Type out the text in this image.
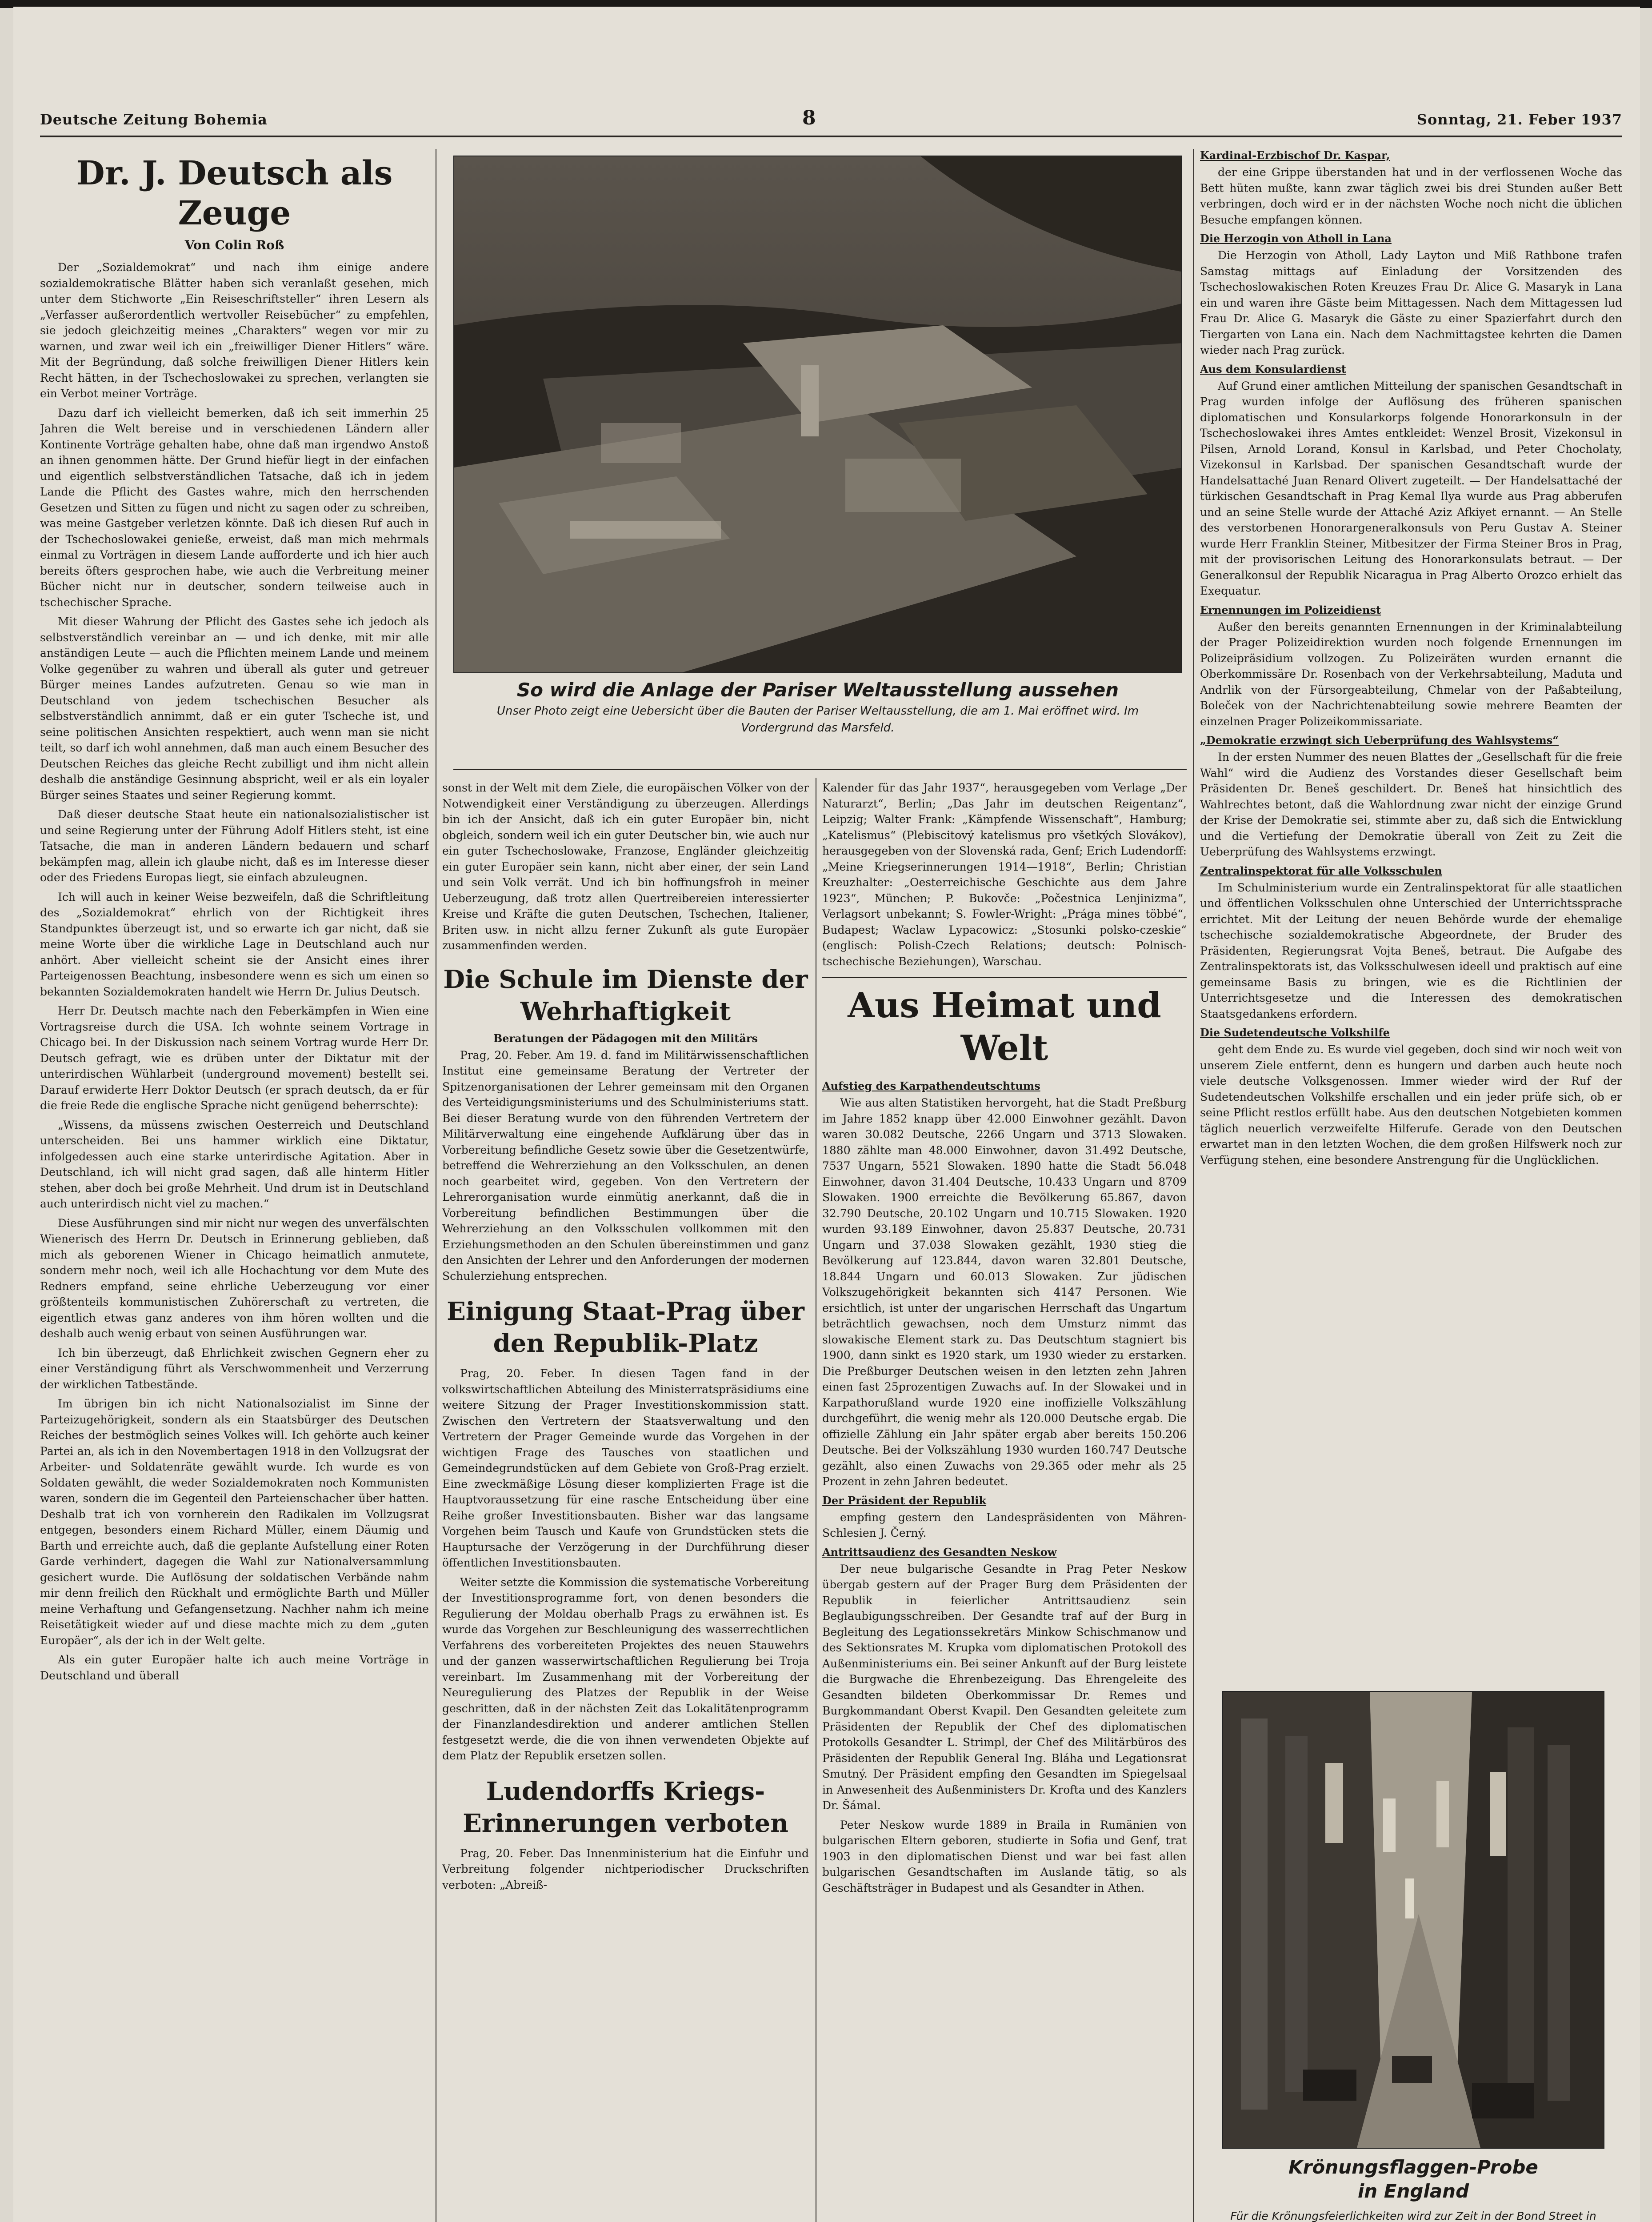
Deutsche Zeitung Bohemia	8	Sonntag, 21. Feber 1937
Dr. J. Deutsch als Zeuge
Von Colin Roß

Der „Sozialdemokrat“ und nach ihm einige andere sozialdemokratische Blätter haben sich veranlaßt gesehen, mich unter dem Stichworte „Ein Reiseschriftsteller“ ihren Lesern als „Verfasser außerordentlich wertvoller Reisebücher“ zu empfehlen, sie jedoch gleichzeitig meines „Charakters“ wegen vor mir zu warnen, und zwar weil ich ein „freiwilliger Diener Hitlers“ wäre. Mit der Begründung, daß solche freiwilligen Diener Hitlers kein Recht hätten, in der Tschechoslowakei zu sprechen, verlangten sie ein Verbot meiner Vorträge.

Dazu darf ich vielleicht bemerken, daß ich seit immerhin 25 Jahren die Welt bereise und in verschiedenen Ländern aller Kontinente Vorträge gehalten habe, ohne daß man irgendwo Anstoß an ihnen genommen hätte. Der Grund hiefür liegt in der einfachen und eigentlich selbstverständlichen Tatsache, daß ich in jedem Lande die Pflicht des Gastes wahre, mich den herrschenden Gesetzen und Sitten zu fügen und nicht zu sagen oder zu schreiben, was meine Gastgeber verletzen könnte. Daß ich diesen Ruf auch in der Tschechoslowakei genieße, erweist, daß man mich mehrmals einmal zu Vorträgen in diesem Lande aufforderte und ich hier auch bereits öfters gesprochen habe, wie auch die Verbreitung meiner Bücher nicht nur in deutscher, sondern teilweise auch in tschechischer Sprache.

Mit dieser Wahrung der Pflicht des Gastes sehe ich jedoch als selbstverständlich vereinbar an — und ich denke, mit mir alle anständigen Leute — auch die Pflichten meinem Lande und meinem Volke gegenüber zu wahren und überall als guter und getreuer Bürger meines Landes aufzutreten. Genau so wie man in Deutschland von jedem tschechischen Besucher als selbstverständlich annimmt, daß er ein guter Tscheche ist, und seine politischen Ansichten respektiert, auch wenn man sie nicht teilt, so darf ich wohl annehmen, daß man auch einem Besucher des Deutschen Reiches das gleiche Recht zubilligt und ihm nicht allein deshalb die anständige Gesinnung abspricht, weil er als ein loyaler Bürger seines Staates und seiner Regierung kommt.

Daß dieser deutsche Staat heute ein nationalsozialistischer ist und seine Regierung unter der Führung Adolf Hitlers steht, ist eine Tatsache, die man in anderen Ländern bedauern und scharf bekämpfen mag, allein ich glaube nicht, daß es im Interesse dieser oder des Friedens Europas liegt, sie einfach abzuleugnen.

Ich will auch in keiner Weise bezweifeln, daß die Schriftleitung des „Sozialdemokrat“ ehrlich von der Richtigkeit ihres Standpunktes überzeugt ist, und so erwarte ich gar nicht, daß sie meine Worte über die wirkliche Lage in Deutschland auch nur anhört. Aber vielleicht scheint sie der Ansicht eines ihrer Parteigenossen Beachtung, insbesondere wenn es sich um einen so bekannten Sozialdemokraten handelt wie Herrn Dr. Julius Deutsch.

Herr Dr. Deutsch machte nach den Feberkämpfen in Wien eine Vortragsreise durch die USA. Ich wohnte seinem Vortrage in Chicago bei. In der Diskussion nach seinem Vortrag wurde Herr Dr. Deutsch gefragt, wie es drüben unter der Diktatur mit der unterirdischen Wühlarbeit (underground movement) bestellt sei. Darauf erwiderte Herr Doktor Deutsch (er sprach deutsch, da er für die freie Rede die englische Sprache nicht genügend beherrschte):

„Wissens, da müssens zwischen Oesterreich und Deutschland unterscheiden. Bei uns hammer wirklich eine Diktatur, infolgedessen auch eine starke unterirdische Agitation. Aber in Deutschland, ich will nicht grad sagen, daß alle hinterm Hitler stehen, aber doch bei große Mehrheit. Und drum ist in Deutschland auch unterirdisch nicht viel zu machen.“

Diese Ausführungen sind mir nicht nur wegen des unverfälschten Wienerisch des Herrn Dr. Deutsch in Erinnerung geblieben, daß mich als geborenen Wiener in Chicago heimatlich anmutete, sondern mehr noch, weil ich alle Hochachtung vor dem Mute des Redners empfand, seine ehrliche Ueberzeugung vor einer größtenteils kommunistischen Zuhörerschaft zu vertreten, die eigentlich etwas ganz anderes von ihm hören wollten und die deshalb auch wenig erbaut von seinen Ausführungen war.

Ich bin überzeugt, daß Ehrlichkeit zwischen Gegnern eher zu einer Verständigung führt als Verschwommenheit und Verzerrung der wirklichen Tatbestände.

Im übrigen bin ich nicht Nationalsozialist im Sinne der Parteizugehörigkeit, sondern als ein Staatsbürger des Deutschen Reiches der bestmöglich seines Volkes will. Ich gehörte auch keiner Partei an, als ich in den Novembertagen 1918 in den Vollzugsrat der Arbeiter- und Soldatenräte gewählt wurde. Ich wurde es von Soldaten gewählt, die weder Sozialdemokraten noch Kommunisten waren, sondern die im Gegenteil den Parteienschacher über hatten. Deshalb trat ich von vornherein den Radikalen im Vollzugsrat entgegen, besonders einem Richard Müller, einem Däumig und Barth und erreichte auch, daß die geplante Aufstellung einer Roten Garde verhindert, dagegen die Wahl zur Nationalversammlung gesichert wurde. Die Auflösung der soldatischen Verbände nahm mir denn freilich den Rückhalt und ermöglichte Barth und Müller meine Verhaftung und Gefangensetzung. Nachher nahm ich meine Reisetätigkeit wieder auf und diese machte mich zu dem „guten Europäer“, als der ich in der Welt gelte.

Als ein guter Europäer halte ich auch meine Vorträge in Deutschland und überall

So wird die Anlage der Pariser Weltausstellung aussehen

Unser Photo zeigt eine Uebersicht über die Bauten der Pariser Weltausstellung, die am 1. Mai eröffnet wird. Im Vordergrund das Marsfeld.

sonst in der Welt mit dem Ziele, die europäischen Völker von der Notwendigkeit einer Verständigung zu überzeugen. Allerdings bin ich der Ansicht, daß ich ein guter Europäer bin, nicht obgleich, sondern weil ich ein guter Deutscher bin, wie auch nur ein guter Tschechoslowake, Franzose, Engländer gleichzeitig ein guter Europäer sein kann, nicht aber einer, der sein Land und sein Volk verrät. Und ich bin hoffnungsfroh in meiner Ueberzeugung, daß trotz allen Quertreibereien interessierter Kreise und Kräfte die guten Deutschen, Tschechen, Italiener, Briten usw. in nicht allzu ferner Zukunft als gute Europäer zusammenfinden werden.

Die Schule im Dienste der Wehrhaftigkeit
Beratungen der Pädagogen mit den Militärs

Prag, 20. Feber. Am 19. d. fand im Militärwissenschaftlichen Institut eine gemeinsame Beratung der Vertreter der Spitzenorganisationen der Lehrer gemeinsam mit den Organen des Verteidigungsministeriums und des Schulministeriums statt. Bei dieser Beratung wurde von den führenden Vertretern der Militärverwaltung eine eingehende Aufklärung über das in Vorbereitung befindliche Gesetz sowie über die Gesetzentwürfe, betreffend die Wehrerziehung an den Volksschulen, an denen noch gearbeitet wird, gegeben. Von den Vertretern der Lehrerorganisation wurde einmütig anerkannt, daß die in Vorbereitung befindlichen Bestimmungen über die Wehrerziehung an den Volksschulen vollkommen mit den Erziehungsmethoden an den Schulen übereinstimmen und ganz den Ansichten der Lehrer und den Anforderungen der modernen Schulerziehung entsprechen.

Einigung Staat-Prag über den Republik-Platz

Prag, 20. Feber. In diesen Tagen fand in der volkswirtschaftlichen Abteilung des Ministerratspräsidiums eine weitere Sitzung der Prager Investitionskommission statt. Zwischen den Vertretern der Staatsverwaltung und den Vertretern der Prager Gemeinde wurde das Vorgehen in der wichtigen Frage des Tausches von staatlichen und Gemeindegrundstücken auf dem Gebiete von Groß-Prag erzielt. Eine zweckmäßige Lösung dieser komplizierten Frage ist die Hauptvoraussetzung für eine rasche Entscheidung über eine Reihe großer Investitionsbauten. Bisher war das langsame Vorgehen beim Tausch und Kaufe von Grundstücken stets die Hauptursache der Verzögerung in der Durchführung dieser öffentlichen Investitionsbauten.

Weiter setzte die Kommission die systematische Vorbereitung der Investitionsprogramme fort, von denen besonders die Regulierung der Moldau oberhalb Prags zu erwähnen ist. Es wurde das Vorgehen zur Beschleunigung des wasserrechtlichen Verfahrens des vorbereiteten Projektes des neuen Stauwehrs und der ganzen wasserwirtschaftlichen Regulierung bei Troja vereinbart. Im Zusammenhang mit der Vorbereitung der Neuregulierung des Platzes der Republik in der Weise geschritten, daß in der nächsten Zeit das Lokalitätenprogramm der Finanzlandesdirektion und anderer amtlichen Stellen festgesetzt werde, die die von ihnen verwendeten Objekte auf dem Platz der Republik ersetzen sollen.

Ludendorffs Kriegs-Erinnerungen verboten

Prag, 20. Feber. Das Innenministerium hat die Einfuhr und Verbreitung folgender nichtperiodischer Druckschriften verboten: „Abreiß-

Kalender für das Jahr 1937“, herausgegeben vom Verlage „Der Naturarzt“, Berlin; „Das Jahr im deutschen Reigentanz“, Leipzig; Walter Frank: „Kämpfende Wissenschaft“, Hamburg; „Katelismus“ (Plebiscitový katelismus pro všetkých Slovákov), herausgegeben von der Slovenská rada, Genf; Erich Ludendorff: „Meine Kriegserinnerungen 1914—1918“, Berlin; Christian Kreuzhalter: „Oesterreichische Geschichte aus dem Jahre 1923“, München; P. Bukovče: „Počestnica Lenjinizma“, Verlagsort unbekannt; S. Fowler-Wright: „Prága mines többé“, Budapest; Waclaw Lypacowicz: „Stosunki polsko-czeskie“ (englisch: Polish-Czech Relations; deutsch: Polnisch-tschechische Beziehungen), Warschau.

Aus Heimat und Welt
Aufstieg des Karpathendeutschtums

Wie aus alten Statistiken hervorgeht, hat die Stadt Preßburg im Jahre 1852 knapp über 42.000 Einwohner gezählt. Davon waren 30.082 Deutsche, 2266 Ungarn und 3713 Slowaken. 1880 zählte man 48.000 Einwohner, davon 31.492 Deutsche, 7537 Ungarn, 5521 Slowaken. 1890 hatte die Stadt 56.048 Einwohner, davon 31.404 Deutsche, 10.433 Ungarn und 8709 Slowaken. 1900 erreichte die Bevölkerung 65.867, davon 32.790 Deutsche, 20.102 Ungarn und 10.715 Slowaken. 1920 wurden 93.189 Einwohner, davon 25.837 Deutsche, 20.731 Ungarn und 37.038 Slowaken gezählt, 1930 stieg die Bevölkerung auf 123.844, davon waren 32.801 Deutsche, 18.844 Ungarn und 60.013 Slowaken. Zur jüdischen Volkszugehörigkeit bekannten sich 4147 Personen. Wie ersichtlich, ist unter der ungarischen Herrschaft das Ungartum beträchtlich gewachsen, noch dem Umsturz nimmt das slowakische Element stark zu. Das Deutschtum stagniert bis 1900, dann sinkt es 1920 stark, um 1930 wieder zu erstarken. Die Preßburger Deutschen weisen in den letzten zehn Jahren einen fast 25prozentigen Zuwachs auf. In der Slowakei und in Karpathorußland wurde 1920 eine inoffizielle Volkszählung durchgeführt, die wenig mehr als 120.000 Deutsche ergab. Die offizielle Zählung ein Jahr später ergab aber bereits 150.206 Deutsche. Bei der Volkszählung 1930 wurden 160.747 Deutsche gezählt, also einen Zuwachs von 29.365 oder mehr als 25 Prozent in zehn Jahren bedeutet.

Der Präsident der Republik

empfing gestern den Landespräsidenten von Mähren-Schlesien J. Černý.

Antrittsaudienz des Gesandten Neskow

Der neue bulgarische Gesandte in Prag Peter Neskow übergab gestern auf der Prager Burg dem Präsidenten der Republik in feierlicher Antrittsaudienz sein Beglaubigungsschreiben. Der Gesandte traf auf der Burg in Begleitung des Legationssekretärs Minkow Schischmanow und des Sektionsrates M. Krupka vom diplomatischen Protokoll des Außenministeriums ein. Bei seiner Ankunft auf der Burg leistete die Burgwache die Ehrenbezeigung. Das Ehrengeleite des Gesandten bildeten Oberkommissar Dr. Remes und Burgkommandant Oberst Kvapil. Den Gesandten geleitete zum Präsidenten der Republik der Chef des diplomatischen Protokolls Gesandter L. Strimpl, der Chef des Militärbüros des Präsidenten der Republik General Ing. Bláha und Legationsrat Smutný. Der Präsident empfing den Gesandten im Spiegelsaal in Anwesenheit des Außenministers Dr. Krofta und des Kanzlers Dr. Šámal.

Peter Neskow wurde 1889 in Braila in Rumänien von bulgarischen Eltern geboren, studierte in Sofia und Genf, trat 1903 in den diplomatischen Dienst und war bei fast allen bulgarischen Gesandtschaften im Auslande tätig, so als Geschäftsträger in Budapest und als Gesandter in Athen.

Kardinal-Erzbischof Dr. Kaspar,

der eine Grippe überstanden hat und in der verflossenen Woche das Bett hüten mußte, kann zwar täglich zwei bis drei Stunden außer Bett verbringen, doch wird er in der nächsten Woche noch nicht die üblichen Besuche empfangen können.

Die Herzogin von Atholl in Lana

Die Herzogin von Atholl, Lady Layton und Miß Rathbone trafen Samstag mittags auf Einladung der Vorsitzenden des Tschechoslowakischen Roten Kreuzes Frau Dr. Alice G. Masaryk in Lana ein und waren ihre Gäste beim Mittagessen. Nach dem Mittagessen lud Frau Dr. Alice G. Masaryk die Gäste zu einer Spazierfahrt durch den Tiergarten von Lana ein. Nach dem Nachmittagstee kehrten die Damen wieder nach Prag zurück.

Aus dem Konsulardienst

Auf Grund einer amtlichen Mitteilung der spanischen Gesandtschaft in Prag wurden infolge der Auflösung des früheren spanischen diplomatischen und Konsularkorps folgende Honorarkonsuln in der Tschechoslowakei ihres Amtes entkleidet: Wenzel Brosit, Vizekonsul in Pilsen, Arnold Lorand, Konsul in Karlsbad, und Peter Chocholaty, Vizekonsul in Karlsbad. Der spanischen Gesandtschaft wurde der Handelsattaché Juan Renard Olivert zugeteilt. — Der Handelsattaché der türkischen Gesandtschaft in Prag Kemal Ilya wurde aus Prag abberufen und an seine Stelle wurde der Attaché Aziz Afkiyet ernannt. — An Stelle des verstorbenen Honorargeneralkonsuls von Peru Gustav A. Steiner wurde Herr Franklin Steiner, Mitbesitzer der Firma Steiner Bros in Prag, mit der provisorischen Leitung des Honorarkonsulats betraut. — Der Generalkonsul der Republik Nicaragua in Prag Alberto Orozco erhielt das Exequatur.

Ernennungen im Polizeidienst

Außer den bereits genannten Ernennungen in der Kriminalabteilung der Prager Polizeidirektion wurden noch folgende Ernennungen im Polizeipräsidium vollzogen. Zu Polizeiräten wurden ernannt die Oberkommissäre Dr. Rosenbach von der Verkehrsabteilung, Maduta und Andrlik von der Fürsorgeabteilung, Chmelar von der Paßabteilung, Boleček von der Nachrichtenabteilung sowie mehrere Beamten der einzelnen Prager Polizeikommissariate.

„Demokratie erzwingt sich Ueberprüfung des Wahlsystems“

In der ersten Nummer des neuen Blattes der „Gesellschaft für die freie Wahl“ wird die Audienz des Vorstandes dieser Gesellschaft beim Präsidenten Dr. Beneš geschildert. Dr. Beneš hat hinsichtlich des Wahlrechtes betont, daß die Wahlordnung zwar nicht der einzige Grund der Krise der Demokratie sei, stimmte aber zu, daß sich die Entwicklung und die Vertiefung der Demokratie überall von Zeit zu Zeit die Ueberprüfung des Wahlsystems erzwingt.

Zentralinspektorat für alle Volksschulen

Im Schulministerium wurde ein Zentralinspektorat für alle staatlichen und öffentlichen Volksschulen ohne Unterschied der Unterrichtssprache errichtet. Mit der Leitung der neuen Behörde wurde der ehemalige tschechische sozialdemokratische Abgeordnete, der Bruder des Präsidenten, Regierungsrat Vojta Beneš, betraut. Die Aufgabe des Zentralinspektorats ist, das Volksschulwesen ideell und praktisch auf eine gemeinsame Basis zu bringen, wie es die Richtlinien der Unterrichtsgesetze und die Interessen des demokratischen Staatsgedankens erfordern.

Die Sudetendeutsche Volkshilfe

geht dem Ende zu. Es wurde viel gegeben, doch sind wir noch weit von unserem Ziele entfernt, denn es hungern und darben auch heute noch viele deutsche Volksgenossen. Immer wieder wird der Ruf der Sudetendeutschen Volkshilfe erschallen und ein jeder prüfe sich, ob er seine Pflicht restlos erfüllt habe. Aus den deutschen Notgebieten kommen täglich neuerlich verzweifelte Hilferufe. Gerade von den Deutschen erwartet man in den letzten Wochen, die dem großen Hilfswerk noch zur Verfügung stehen, eine besondere Anstrengung für die Unglücklichen.

Krönungsflaggen-Probe in England

Für die Krönungsfeierlichkeiten wird zur Zeit in der Bond Street in
